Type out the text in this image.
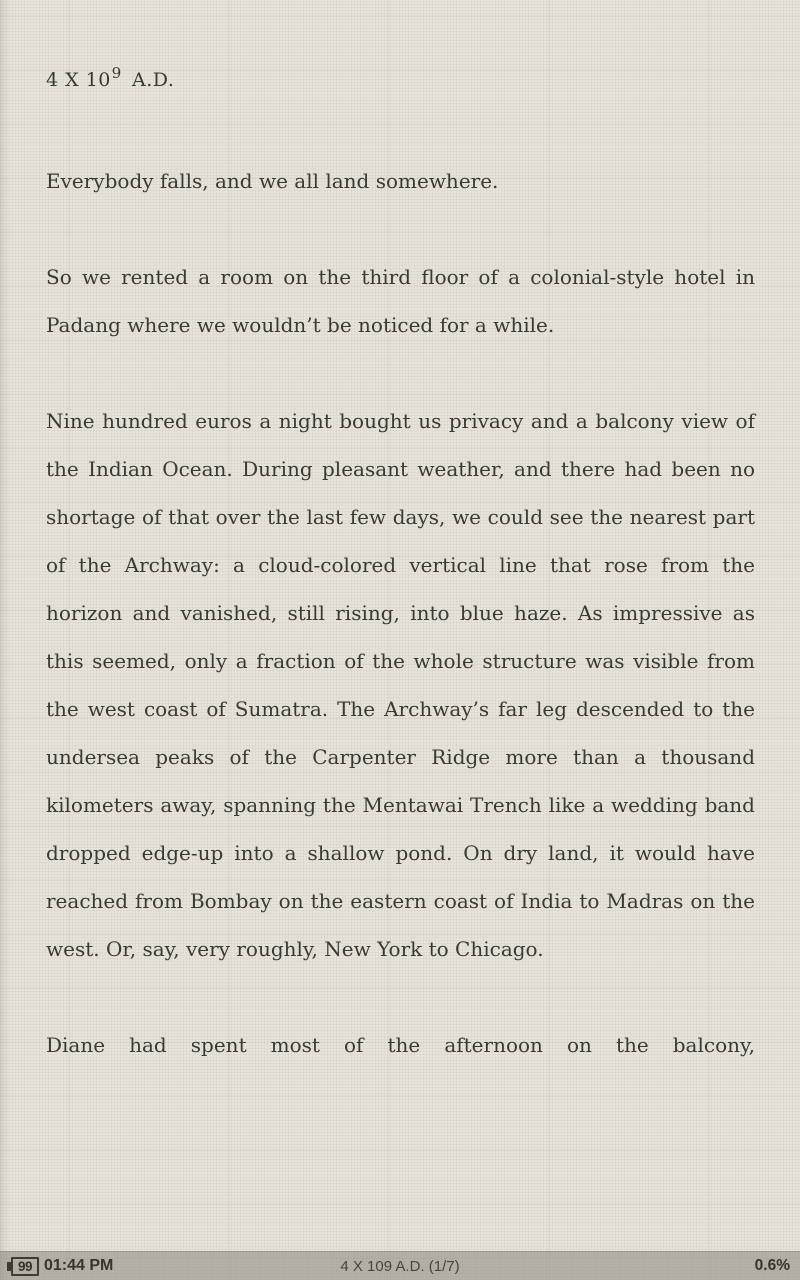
4 X $10^9$ A.D.

Everybody falls, and we all land somewhere.

So we rented a room on the third floor of a colonial-style hotel in Padang where we wouldn’t be noticed for a while.

Nine hundred euros a night bought us privacy and a balcony view of the Indian Ocean. During pleasant weather, and there had been no shortage of that over the last few days, we could see the nearest part of the Archway: a cloud-colored vertical line that rose from the horizon and vanished, still rising, into blue haze. As impressive as this seemed, only a fraction of the whole structure was visible from the west coast of Sumatra. The Archway’s far leg descended to the undersea peaks of the Carpenter Ridge more than a thousand kilometers away, spanning the Mentawai Trench like a wedding band dropped edge-up into a shallow pond. On dry land, it would have reached from Bombay on the eastern coast of India to Madras on the west. Or, say, very roughly, New York to Chicago.

Diane had spent most of the afternoon on the balcony,

99 01:44 PM	4 X 109 A.D. (1/7)	0.6%
